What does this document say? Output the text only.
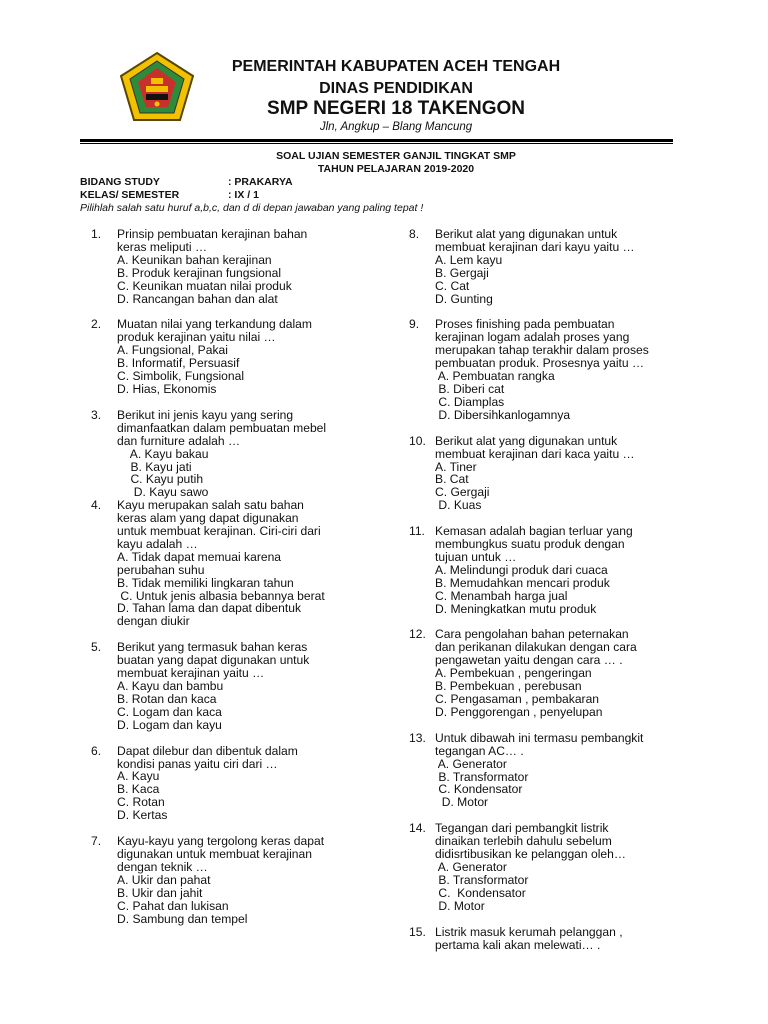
PEMERINTAH KABUPATEN ACEH TENGAH
DINAS PENDIDIKAN
SMP NEGERI 18 TAKENGON
Jln, Angkup – Blang Mancung
SOAL UJIAN SEMESTER GANJIL TINGKAT SMP
TAHUN PELAJARAN 2019-2020
BIDANG STUDY	: PRAKARYA
KELAS/ SEMESTER	: IX / 1
Pilihlah salah satu huruf a,b,c, dan d di depan jawaban yang paling tepat !
1. Prinsip pembuatan kerajinan bahan
keras meliputi …
A. Keunikan bahan kerajinan
B. Produk kerajinan fungsional
C. Keunikan muatan nilai produk
D. Rancangan bahan dan alat
2. Muatan nilai yang terkandung dalam
produk kerajinan yaitu nilai …
A. Fungsional, Pakai
B. Informatif, Persuasif
C. Simbolik, Fungsional
D. Hias, Ekonomis
3. Berikut ini jenis kayu yang sering
dimanfaatkan dalam pembuatan mebel
dan furniture adalah …
A. Kayu bakau
B. Kayu jati
C. Kayu putih
D. Kayu sawo
4. Kayu merupakan salah satu bahan
keras alam yang dapat digunakan
untuk membuat kerajinan. Ciri-ciri dari
kayu adalah …
A. Tidak dapat memuai karena
perubahan suhu
B. Tidak memiliki lingkaran tahun
C. Untuk jenis albasia bebannya berat
D. Tahan lama dan dapat dibentuk
dengan diukir
5. Berikut yang termasuk bahan keras
buatan yang dapat digunakan untuk
membuat kerajinan yaitu …
A. Kayu dan bambu
B. Rotan dan kaca
C. Logam dan kaca
D. Logam dan kayu
6. Dapat dilebur dan dibentuk dalam
kondisi panas yaitu ciri dari …
A. Kayu
B. Kaca
C. Rotan
D. Kertas
7. Kayu-kayu yang tergolong keras dapat
digunakan untuk membuat kerajinan
dengan teknik …
A. Ukir dan pahat
B. Ukir dan jahit
C. Pahat dan lukisan
D. Sambung dan tempel
8. Berikut alat yang digunakan untuk
membuat kerajinan dari kayu yaitu …
A. Lem kayu
B. Gergaji
C. Cat
D. Gunting
9. Proses finishing pada pembuatan
kerajinan logam adalah proses yang
merupakan tahap terakhir dalam proses
pembuatan produk. Prosesnya yaitu …
A. Pembuatan rangka
B. Diberi cat
C. Diamplas
D. Dibersihkanlogamnya
10. Berikut alat yang digunakan untuk
membuat kerajinan dari kaca yaitu …
A. Tiner
B. Cat
C. Gergaji
D. Kuas
11. Kemasan adalah bagian terluar yang
membungkus suatu produk dengan
tujuan untuk …
A. Melindungi produk dari cuaca
B. Memudahkan mencari produk
C. Menambah harga jual
D. Meningkatkan mutu produk
12. Cara pengolahan bahan peternakan
dan perikanan dilakukan dengan cara
pengawetan yaitu dengan cara … .
A. Pembekuan , pengeringan
B. Pembekuan , perebusan
C. Pengasaman , pembakaran
D. Penggorengan , penyelupan
13. Untuk dibawah ini termasu pembangkit
tegangan AC… .
A. Generator
B. Transformator
C. Kondensator
D. Motor
14. Tegangan dari pembangkit listrik
dinaikan terlebih dahulu sebelum
didisrtibusikan ke pelanggan oleh…
A. Generator
B. Transformator
C.  Kondensator
D. Motor
15. Listrik masuk kerumah pelanggan ,
pertama kali akan melewati… .
